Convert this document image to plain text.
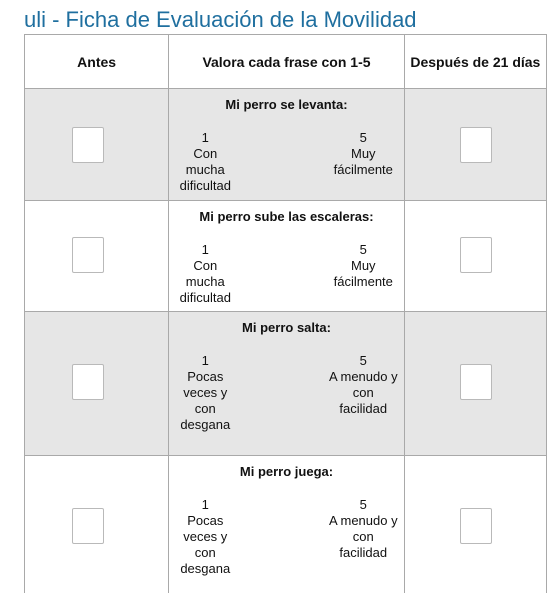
uli - Ficha de Evaluación de la Movilidad
Antes	Valora cada frase con 1-5	Después de 21 días

	Mi perro se levanta:
1
Con mucha dificultad
5
Muy fácilmente	

	Mi perro sube las escaleras:
1
Con mucha dificultad
5
Muy fácilmente	

	Mi perro salta:
1
Pocas veces y con desgana
5
A menudo y con facilidad	

	Mi perro juega:
1
Pocas veces y con desgana
5
A menudo y con facilidad	
